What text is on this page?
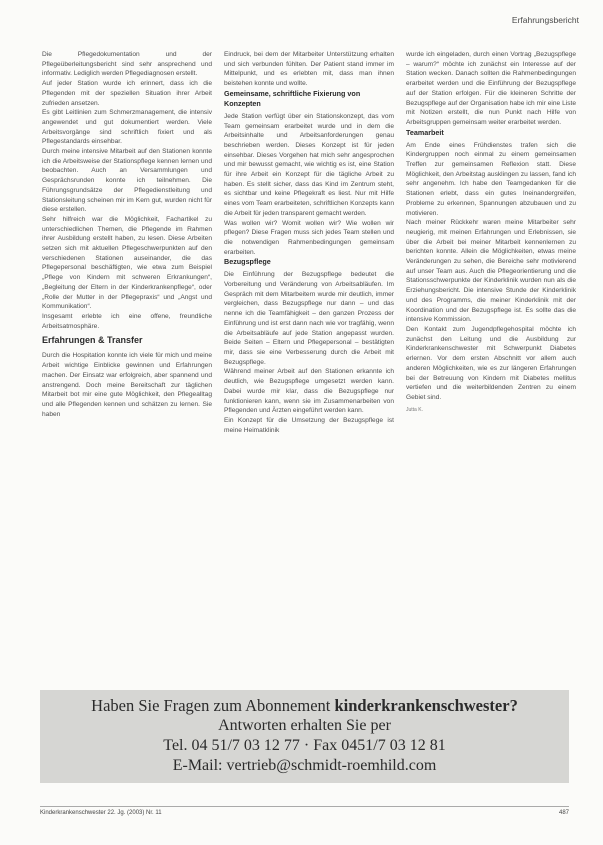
Erfahrungsbericht

Die Pflegedokumentation und der Pflegeüberleitungsbericht sind sehr ansprechend und informativ. Lediglich werden Pflegediagnosen erstellt.

Auf jeder Station wurde ich erinnert, dass ich die Pflegenden mit der speziellen Situation ihrer Arbeit zufrieden ansetzen.

Es gibt Leitlinien zum Schmerzmanagement, die intensiv angewendet und gut dokumentiert werden. Viele Arbeitsvorgänge sind schriftlich fixiert und als Pflegestandards einsehbar.

Durch meine intensive Mitarbeit auf den Stationen konnte ich die Arbeitsweise der Stationspflege kennen lernen und beobachten. Auch an Versammlungen und Gesprächsrunden konnte ich teilnehmen. Die Führungsgrundsätze der Pflegedienstleitung und Stationsleitung scheinen mir im Kern gut, wurden nicht für diese erstellen.

Sehr hilfreich war die Möglichkeit, Fachartikel zu unterschiedlichen Themen, die Pflegende im Rahmen ihrer Ausbildung erstellt haben, zu lesen. Diese Arbeiten setzen sich mit aktuellen Pflegeschwerpunkten auf den verschiedenen Stationen auseinander, die das Pflegepersonal beschäftigten, wie etwa zum Beispiel „Pflege von Kindern mit schweren Erkrankungen“, „Begleitung der Eltern in der Kinderkrankenpflege“, oder „Rolle der Mutter in der Pflegepraxis“ und „Angst und Kommunikation“.

Insgesamt erlebte ich eine offene, freundliche Arbeitsatmosphäre.

Erfahrungen & Transfer

Durch die Hospitation konnte ich viele für mich und meine Arbeit wichtige Einblicke gewinnen und Erfahrungen machen. Der Einsatz war erfolgreich, aber spannend und anstrengend. Doch meine Bereitschaft zur täglichen Mitarbeit bot mir eine gute Möglichkeit, den Pflegealltag und alle Pflegenden kennen und schätzen zu lernen. Sie haben

Eindruck, bei dem der Mitarbeiter Unterstützung erhalten und sich verbunden fühlten. Der Patient stand immer im Mittelpunkt, und es erlebten mit, dass man ihnen beistehen konnte und wollte.

Gemeinsame, schriftliche Fixierung von Konzepten

Jede Station verfügt über ein Stationskonzept, das vom Team gemeinsam erarbeitet wurde und in dem die Arbeitsinhalte und Arbeitsanforderungen genau beschrieben werden. Dieses Konzept ist für jeden einsehbar. Dieses Vorgehen hat mich sehr angesprochen und mir bewusst gemacht, wie wichtig es ist, eine Station für ihre Arbeit ein Konzept für die tägliche Arbeit zu haben. Es stellt sicher, dass das Kind im Zentrum steht, es sichtbar und keine Pflegekraft es liest. Nur mit Hilfe eines vom Team erarbeiteten, schriftlichen Konzepts kann die Arbeit für jeden transparent gemacht werden.

Was wollen wir? Womit wollen wir? Wie wollen wir pflegen? Diese Fragen muss sich jedes Team stellen und die notwendigen Rahmenbedingungen gemeinsam erarbeiten.

Bezugspflege

Die Einführung der Bezugspflege bedeutet die Vorbereitung und Veränderung von Arbeitsabläufen. Im Gespräch mit dem Mitarbeitern wurde mir deutlich, immer vergleichen, dass Bezugspflege nur dann – und das nenne ich die Teamfähigkeit – den ganzen Prozess der Einführung und ist erst dann nach wie vor tragfähig, wenn die Arbeitsabläufe auf jede Station angepasst wurden. Beide Seiten – Eltern und Pflegepersonal – bestätigten mir, dass sie eine Verbesserung durch die Arbeit mit Bezugspflege.

Während meiner Arbeit auf den Stationen erkannte ich deutlich, wie Bezugspflege umgesetzt werden kann. Dabei wurde mir klar, dass die Bezugspflege nur funktionieren kann, wenn sie im Zusammenarbeiten von Pflegenden und Ärzten eingeführt werden kann.

Ein Konzept für die Umsetzung der Bezugspflege ist meine Heimatklinik

wurde ich eingeladen, durch einen Vortrag „Bezugspflege – warum?“ möchte ich zunächst ein Interesse auf der Station wecken. Danach sollten die Rahmenbedingungen erarbeitet werden und die Einführung der Bezugspflege auf der Station erfolgen. Für die kleineren Schritte der Bezugspflege auf der Organisation habe ich mir eine Liste mit Notizen erstellt, die nun Punkt nach Hilfe von Arbeitsgruppen gemeinsam weiter erarbeitet werden.

Teamarbeit

Am Ende eines Frühdienstes trafen sich die Kindergruppen noch einmal zu einem gemeinsamen Treffen zur gemeinsamen Reflexion statt. Diese Möglichkeit, den Arbeitstag ausklingen zu lassen, fand ich sehr angenehm. Ich habe den Teamgedanken für die Stationen erlebt, dass ein gutes Ineinandergreifen, Probleme zu erkennen, Spannungen abzubauen und zu motivieren.

Nach meiner Rückkehr waren meine Mitarbeiter sehr neugierig, mit meinen Erfahrungen und Erlebnissen, sie über die Arbeit bei meiner Mitarbeit kennenlernen zu berichten konnte. Allein die Möglichkeiten, etwas meine Veränderungen zu sehen, die Bereiche sehr motivierend auf unser Team aus. Auch die Pflegeorientierung und die Stationsschwerpunkte der Kinderklinik wurden nun als die Erziehungsbericht. Die intensive Stunde der Kinderklinik und des Programms, die meiner Kinderklinik mit der Koordination und der Bezugspflege ist. Es sollte das die intensive Kommission.

Den Kontakt zum Jugendpflegehospital möchte ich zunächst den Leitung und die Ausbildung zur Kinderkrankenschwester mit Schwerpunkt Diabetes erlernen. Vor dem ersten Abschnitt vor allem auch anderen Möglichkeiten, wie es zur längeren Erfahrungen bei der Betreuung von Kindern mit Diabetes mellitus vertiefen und die weiterbildenden Zentren zu einem Gebiet sind.

Jutta K.
Haben Sie Fragen zum Abonnement kinderkrankenschwester?
Antworten erhalten Sie per
Tel. 04 51/7 03 12 77 · Fax 0451/7 03 12 81
E-Mail: vertrieb@schmidt-roemhild.com
Kinderkrankenschwester 22. Jg. (2003) Nr. 11	487
